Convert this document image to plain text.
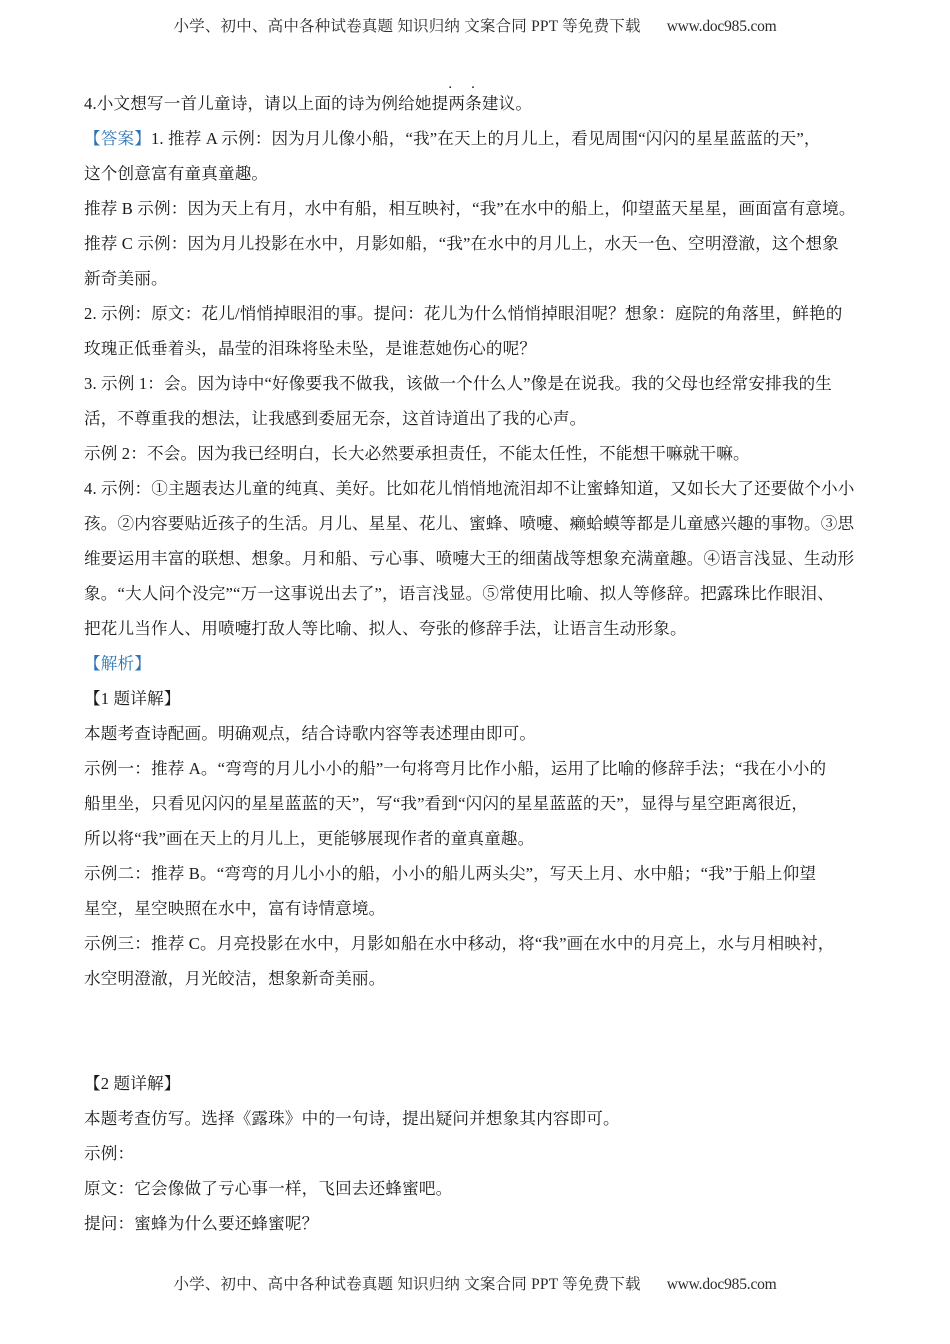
小学、初中、高中各种试卷真题 知识归纳 文案合同 PPT 等免费下载 www.doc985.com
4.小文想写一首儿童诗，请以上面的诗为例给她提· · 两条建议。
【答案】1. 推荐 A 示例：因为月儿像小船，“我”在天上的月儿上，看见周围“闪闪的星星蓝蓝的天”，
这个创意富有童真童趣。
推荐 B 示例：因为天上有月，水中有船，相互映衬，“我”在水中的船上，仰望蓝天星星，画面富有意境。
推荐 C 示例：因为月儿投影在水中，月影如船，“我”在水中的月儿上，水天一色、空明澄澈，这个想象
新奇美丽。
2. 示例：原文：花儿/悄悄掉眼泪的事。提问：花儿为什么悄悄掉眼泪呢？想象：庭院的角落里，鲜艳的
玫瑰正低垂着头，晶莹的泪珠将坠未坠，是谁惹她伤心的呢？
3. 示例 1：会。因为诗中“好像要我不做我，该做一个什么人”像是在说我。我的父母也经常安排我的生
活，不尊重我的想法，让我感到委屈无奈，这首诗道出了我的心声。
示例 2：不会。因为我已经明白，长大必然要承担责任，不能太任性，不能想干嘛就干嘛。
4. 示例：①主题表达儿童的纯真、美好。比如花儿悄悄地流泪却不让蜜蜂知道，又如长大了还要做个小小
孩。②内容要贴近孩子的生活。月儿、星星、花儿、蜜蜂、喷嚏、癞蛤蟆等都是儿童感兴趣的事物。③思
维要运用丰富的联想、想象。月和船、亏心事、喷嚏大王的细菌战等想象充满童趣。④语言浅显、生动形
象。“大人问个没完”“万一这事说出去了”，语言浅显。⑤常使用比喻、拟人等修辞。把露珠比作眼泪、
把花儿当作人、用喷嚏打敌人等比喻、拟人、夸张的修辞手法，让语言生动形象。
【解析】
【1 题详解】
本题考查诗配画。明确观点，结合诗歌内容等表述理由即可。
示例一：推荐 A。“弯弯的月儿小小的船”一句将弯月比作小船，运用了比喻的修辞手法；“我在小小的
船里坐，只看见闪闪的星星蓝蓝的天”，写“我”看到“闪闪的星星蓝蓝的天”，显得与星空距离很近，
所以将“我”画在天上的月儿上，更能够展现作者的童真童趣。
示例二：推荐 B。“弯弯的月儿小小的船，小小的船儿两头尖”，写天上月、水中船；“我”于船上仰望
星空，星空映照在水中，富有诗情意境。
示例三：推荐 C。月亮投影在水中，月影如船在水中移动，将“我”画在水中的月亮上，水与月相映衬，
水空明澄澈，月光皎洁，想象新奇美丽。
【2 题详解】
本题考查仿写。选择《露珠》中的一句诗，提出疑问并想象其内容即可。
示例：
原文：它会像做了亏心事一样，飞回去还蜂蜜吧。
提问：蜜蜂为什么要还蜂蜜呢？
小学、初中、高中各种试卷真题 知识归纳 文案合同 PPT 等免费下载 www.doc985.com
